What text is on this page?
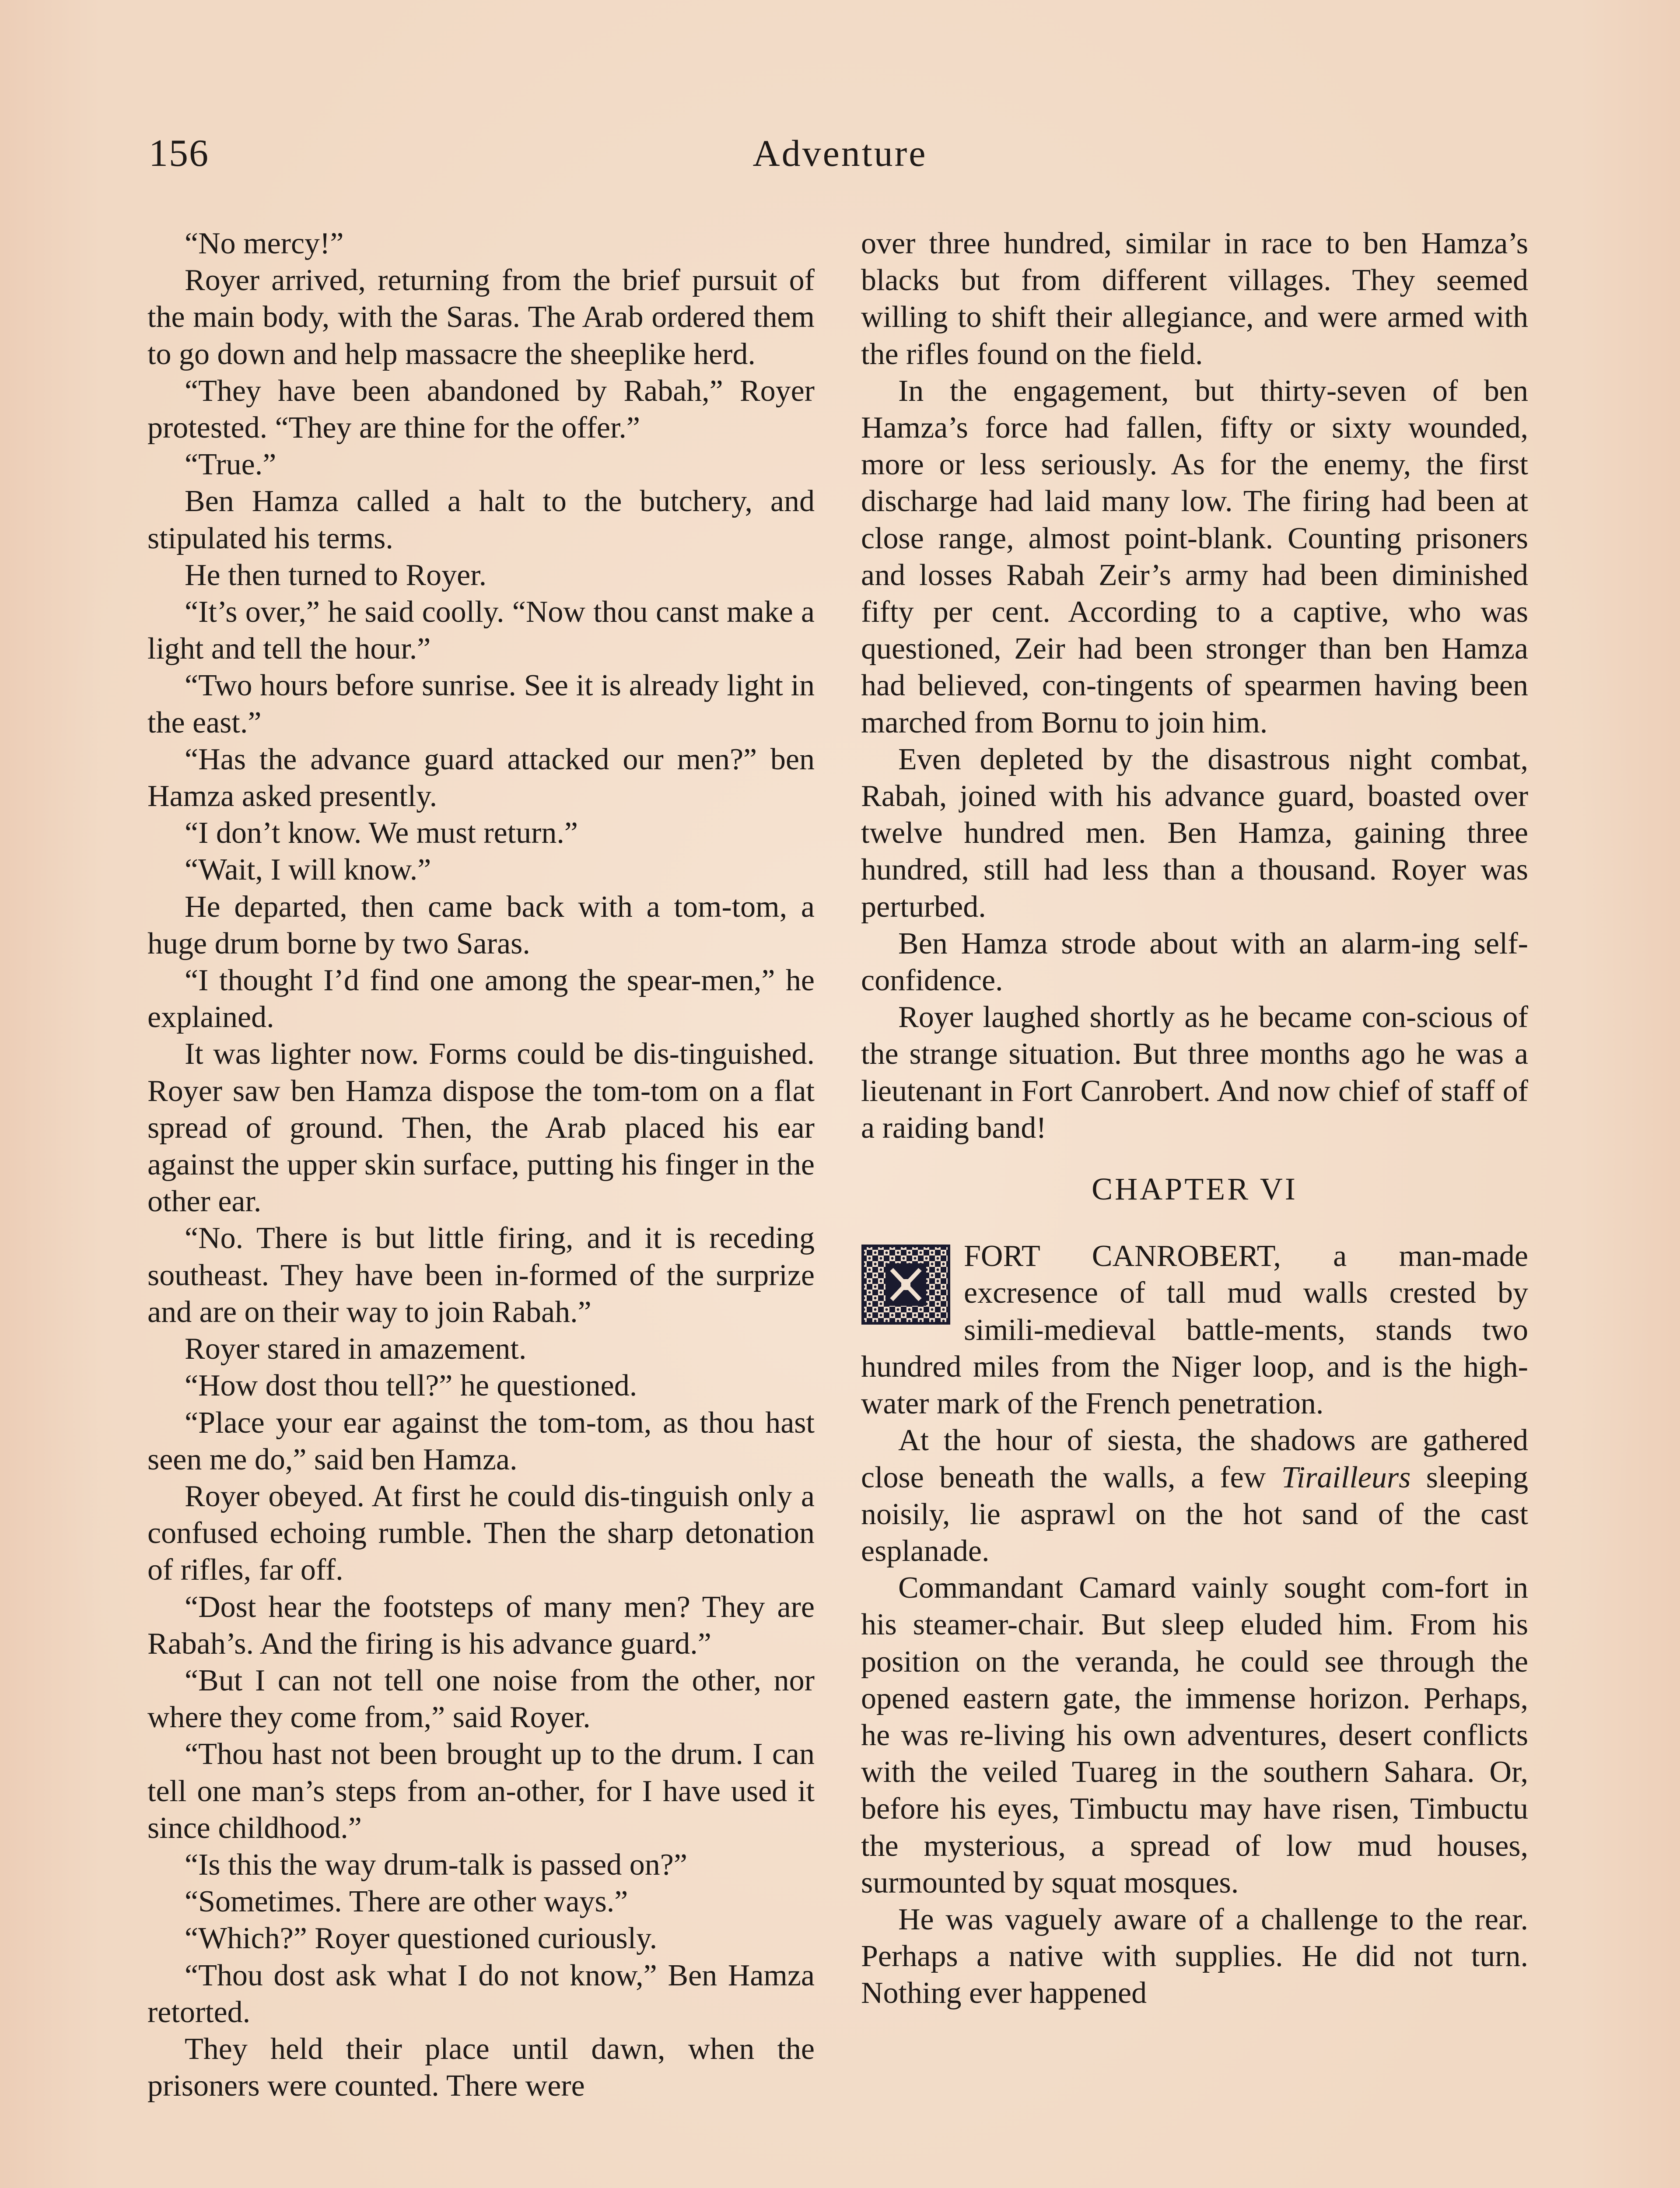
156	Adventure

“No mercy!”

Royer arrived, returning from the brief pursuit of the main body, with the Saras. The Arab ordered them to go down and help massacre the sheeplike herd.

“They have been abandoned by Rabah,” Royer protested. “They are thine for the offer.”

“True.”

Ben Hamza called a halt to the butchery, and stipulated his terms.

He then turned to Royer.

“It’s over,” he said coolly. “Now thou canst make a light and tell the hour.”

“Two hours before sunrise. See it is already light in the east.”

“Has the advance guard attacked our men?” ben Hamza asked presently.

“I don’t know. We must return.”

“Wait, I will know.”

He departed, then came back with a tom-tom, a huge drum borne by two Saras.

“I thought I’d find one among the spear-men,” he explained.

It was lighter now. Forms could be dis-tinguished. Royer saw ben Hamza dispose the tom-tom on a flat spread of ground. Then, the Arab placed his ear against the upper skin surface, putting his finger in the other ear.

“No. There is but little firing, and it is receding southeast. They have been in-formed of the surprize and are on their way to join Rabah.”

Royer stared in amazement.

“How dost thou tell?” he questioned.

“Place your ear against the tom-tom, as thou hast seen me do,” said ben Hamza.

Royer obeyed. At first he could dis-tinguish only a confused echoing rumble. Then the sharp detonation of rifles, far off.

“Dost hear the footsteps of many men? They are Rabah’s. And the firing is his advance guard.”

“But I can not tell one noise from the other, nor where they come from,” said Royer.

“Thou hast not been brought up to the drum. I can tell one man’s steps from an-other, for I have used it since childhood.”

“Is this the way drum-talk is passed on?”

“Sometimes. There are other ways.”

“Which?” Royer questioned curiously.

“Thou dost ask what I do not know,” Ben Hamza retorted.

They held their place until dawn, when the prisoners were counted. There were

over three hundred, similar in race to ben Hamza’s blacks but from different villages. They seemed willing to shift their allegiance, and were armed with the rifles found on the field.

In the engagement, but thirty-seven of ben Hamza’s force had fallen, fifty or sixty wounded, more or less seriously. As for the enemy, the first discharge had laid many low. The firing had been at close range, almost point-blank. Counting prisoners and losses Rabah Zeir’s army had been diminished fifty per cent. According to a captive, who was questioned, Zeir had been stronger than ben Hamza had believed, con-tingents of spearmen having been marched from Bornu to join him.

Even depleted by the disastrous night combat, Rabah, joined with his advance guard, boasted over twelve hundred men. Ben Hamza, gaining three hundred, still had less than a thousand. Royer was perturbed.

Ben Hamza strode about with an alarm-ing self-confidence.

Royer laughed shortly as he became con-scious of the strange situation. But three months ago he was a lieutenant in Fort Canrobert. And now chief of staff of a raiding band!

CHAPTER VI

FORT CANROBERT, a man-made excresence of tall mud walls crested by simili-medieval battle-ments, stands two hundred miles from the Niger loop, and is the high-water mark of the French penetration.

At the hour of siesta, the shadows are gathered close beneath the walls, a few Tirailleurs sleeping noisily, lie asprawl on the hot sand of the cast esplanade.

Commandant Camard vainly sought com-fort in his steamer-chair. But sleep eluded him. From his position on the veranda, he could see through the opened eastern gate, the immense horizon. Perhaps, he was re-living his own adventures, desert conflicts with the veiled Tuareg in the southern Sahara. Or, before his eyes, Timbuctu may have risen, Timbuctu the mysterious, a spread of low mud houses, surmounted by squat mosques.

He was vaguely aware of a challenge to the rear. Perhaps a native with supplies. He did not turn. Nothing ever happened
